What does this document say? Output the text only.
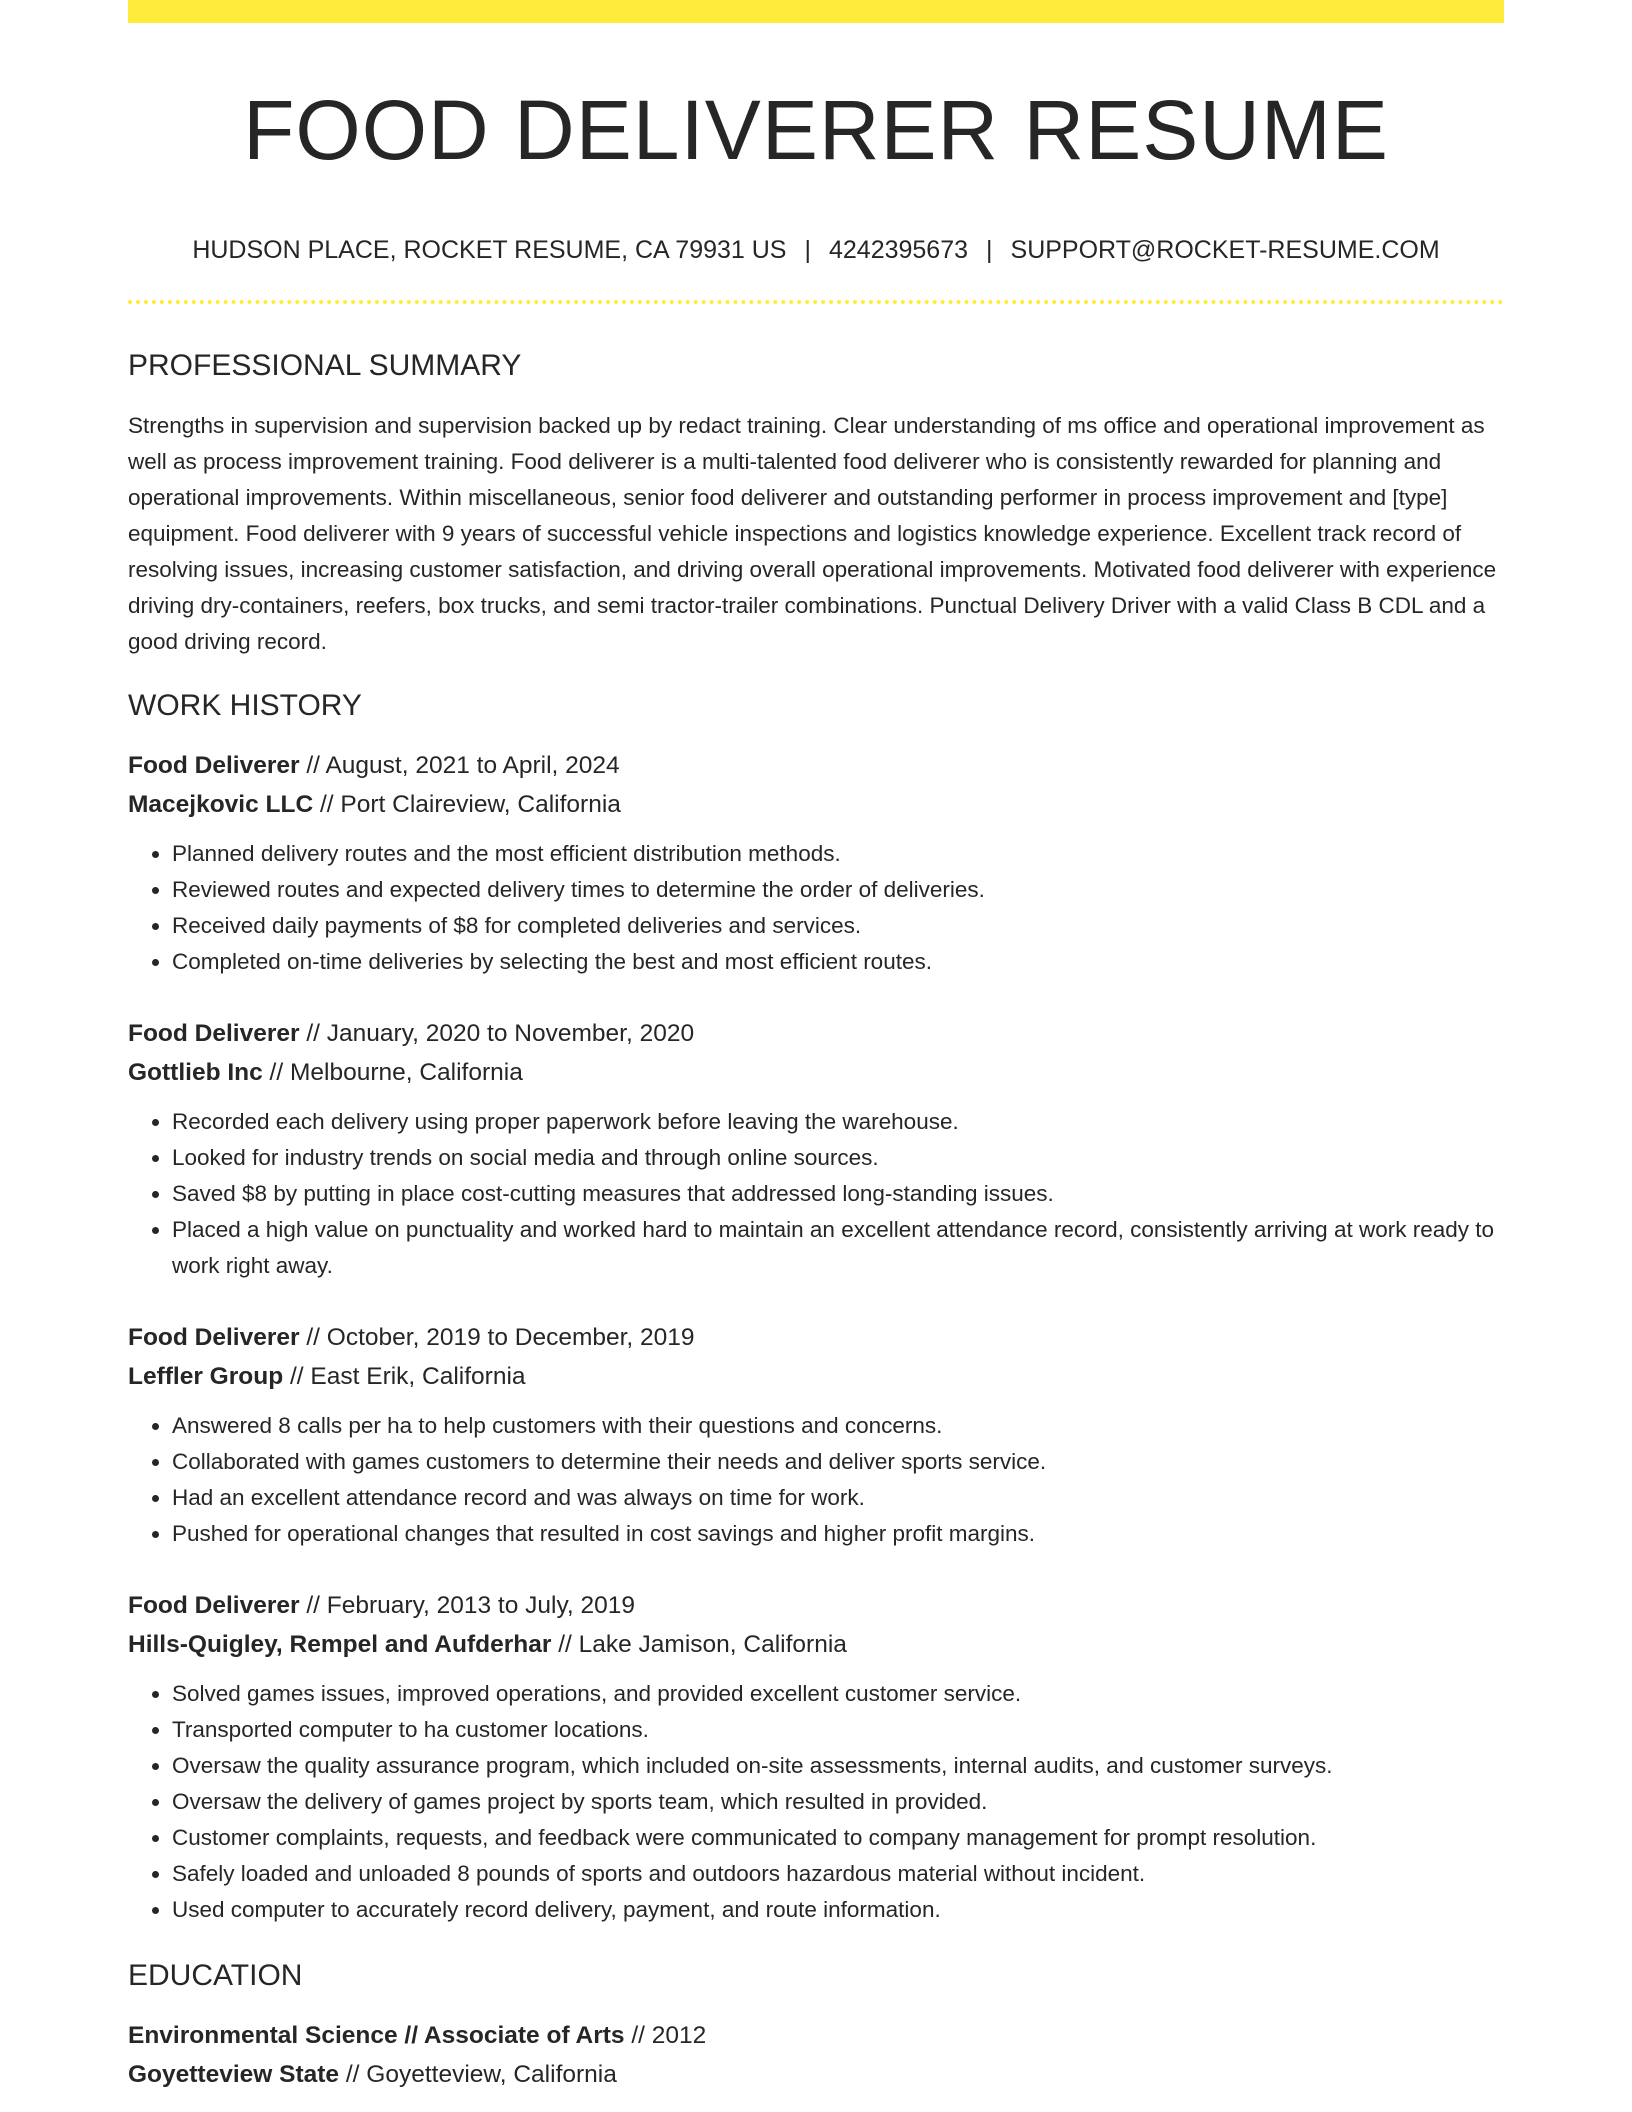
FOOD DELIVERER RESUME
HUDSON PLACE, ROCKET RESUME, CA 79931 US | 4242395673 | SUPPORT@ROCKET-RESUME.COM
PROFESSIONAL SUMMARY
Strengths in supervision and supervision backed up by redact training. Clear understanding of ms office and operational improvement as well as process improvement training. Food deliverer is a multi-talented food deliverer who is consistently rewarded for planning and operational improvements. Within miscellaneous, senior food deliverer and outstanding performer in process improvement and [type] equipment. Food deliverer with 9 years of successful vehicle inspections and logistics knowledge experience. Excellent track record of resolving issues, increasing customer satisfaction, and driving overall operational improvements. Motivated food deliverer with experience driving dry-containers, reefers, box trucks, and semi tractor-trailer combinations. Punctual Delivery Driver with a valid Class B CDL and a good driving record.
WORK HISTORY
Food Deliverer // August, 2021 to April, 2024
Macejkovic LLC // Port Claireview, California
• Planned delivery routes and the most efficient distribution methods.
• Reviewed routes and expected delivery times to determine the order of deliveries.
• Received daily payments of $8 for completed deliveries and services.
• Completed on-time deliveries by selecting the best and most efficient routes.
Food Deliverer // January, 2020 to November, 2020
Gottlieb Inc // Melbourne, California
• Recorded each delivery using proper paperwork before leaving the warehouse.
• Looked for industry trends on social media and through online sources.
• Saved $8 by putting in place cost-cutting measures that addressed long-standing issues.
• Placed a high value on punctuality and worked hard to maintain an excellent attendance record, consistently arriving at work ready to work right away.
Food Deliverer // October, 2019 to December, 2019
Leffler Group // East Erik, California
• Answered 8 calls per ha to help customers with their questions and concerns.
• Collaborated with games customers to determine their needs and deliver sports service.
• Had an excellent attendance record and was always on time for work.
• Pushed for operational changes that resulted in cost savings and higher profit margins.
Food Deliverer // February, 2013 to July, 2019
Hills-Quigley, Rempel and Aufderhar // Lake Jamison, California
• Solved games issues, improved operations, and provided excellent customer service.
• Transported computer to ha customer locations.
• Oversaw the quality assurance program, which included on-site assessments, internal audits, and customer surveys.
• Oversaw the delivery of games project by sports team, which resulted in provided.
• Customer complaints, requests, and feedback were communicated to company management for prompt resolution.
• Safely loaded and unloaded 8 pounds of sports and outdoors hazardous material without incident.
• Used computer to accurately record delivery, payment, and route information.
EDUCATION
Environmental Science // Associate of Arts // 2012
Goyetteview State // Goyetteview, California
